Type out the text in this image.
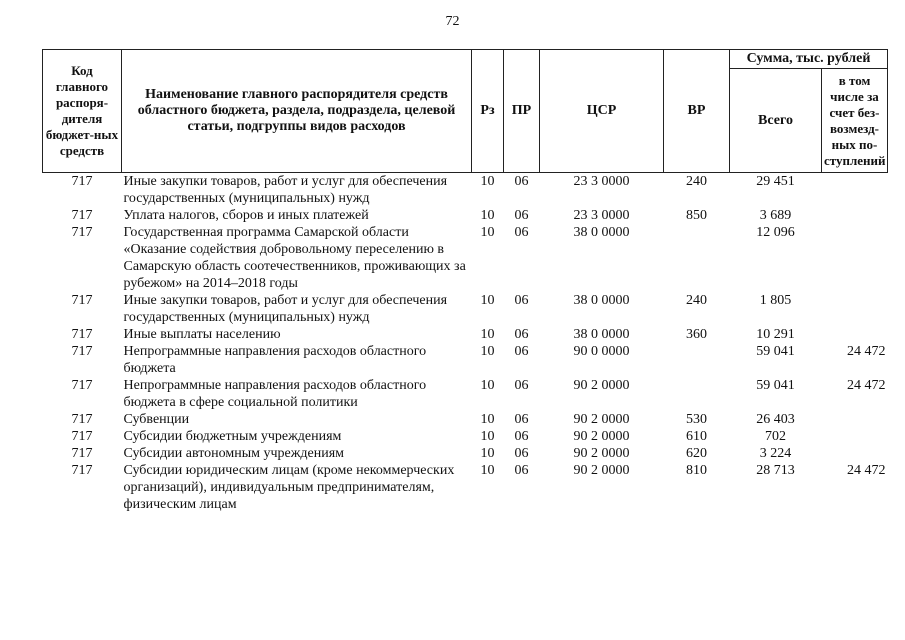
72
Код главного распоря-дителя бюджет-ных средств	Наименование главного распорядителя средств областного бюджета, раздела, подраздела, целевой статьи, подгруппы видов расходов	Рз	ПР	ЦСР	ВР	Сумма, тыс. рублей	
						Всего	в том числе за счет без-возмезд-ных по-ступлений
717	Иные закупки товаров, работ и услуг для обеспечения государственных (муниципальных) нужд	10	06	23 3 0000	240	29 451	
717	Уплата налогов, сборов и иных платежей	10	06	23 3 0000	850	3 689	
717	Государственная программа Самарской области «Оказание содействия добровольному переселению в Самарскую область соотечественников, проживающих за рубежом» на 2014–2018 годы	10	06	38 0 0000		12 096	
717	Иные закупки товаров, работ и услуг для обеспечения государственных (муниципальных) нужд	10	06	38 0 0000	240	1 805	
717	Иные выплаты населению	10	06	38 0 0000	360	10 291	
717	Непрограммные направления расходов областного бюджета	10	06	90 0 0000		59 041	24 472
717	Непрограммные направления расходов областного бюджета в сфере социальной политики	10	06	90 2 0000		59 041	24 472
717	Субвенции	10	06	90 2 0000	530	26 403	
717	Субсидии бюджетным учреждениям	10	06	90 2 0000	610	702	
717	Субсидии автономным учреждениям	10	06	90 2 0000	620	3 224	
717	Субсидии юридическим лицам (кроме некоммерческих организаций), индивидуальным предпринимателям, физическим лицам	10	06	90 2 0000	810	28 713	24 472
